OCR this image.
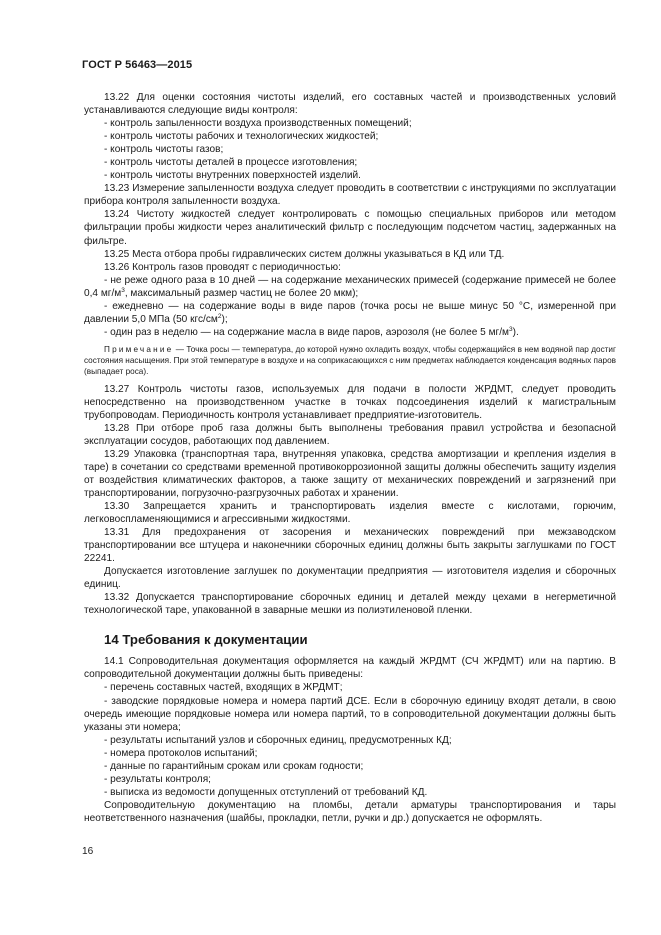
ГОСТ Р 56463—2015

13.22 Для оценки состояния чистоты изделий, его составных частей и производственных условий устанавливаются следующие виды контроля:

- контроль запыленности воздуха производственных помещений;

- контроль чистоты рабочих и технологических жидкостей;

- контроль чистоты газов;

- контроль чистоты деталей в процессе изготовления;

- контроль чистоты внутренних поверхностей изделий.

13.23 Измерение запыленности воздуха следует проводить в соответствии с инструкциями по эксплуатации прибора контроля запыленности воздуха.

13.24 Чистоту жидкостей следует контролировать с помощью специальных приборов или методом фильтрации пробы жидкости через аналитический фильтр с последующим подсчетом частиц, задержанных на фильтре.

13.25 Места отбора пробы гидравлических систем должны указываться в КД или ТД.

13.26 Контроль газов проводят с периодичностью:

- не реже одного раза в 10 дней — на содержание механических примесей (содержание примесей не более 0,4 $мг/м^3$, максимальный размер частиц не более 20 мкм);

- ежедневно — на содержание воды в виде паров (точка росы не выше минус 50 °С, измеренной при давлении 5,0 МПа (50 кгс/$см^2$);

- один раз в неделю — на содержание масла в виде паров, аэрозоля (не более 5 $мг/м^3$).

Примечание — Точка росы — температура, до которой нужно охладить воздух, чтобы содержащийся в нем водяной пар достиг состояния насыщения. При этой температуре в воздухе и на соприкасающихся с ним предметах наблюдается конденсация водяных паров (выпадает роса).

13.27 Контроль чистоты газов, используемых для подачи в полости ЖРДМТ, следует проводить непосредственно на производственном участке в точках подсоединения изделий к магистральным трубопроводам. Периодичность контроля устанавливает предприятие-изготовитель.

13.28 При отборе проб газа должны быть выполнены требования правил устройства и безопасной эксплуатации сосудов, работающих под давлением.

13.29 Упаковка (транспортная тара, внутренняя упаковка, средства амортизации и крепления изделия в таре) в сочетании со средствами временной противокоррозионной защиты должны обеспечить защиту изделия от воздействия климатических факторов, а также защиту от механических повреждений и загрязнений при транспортировании, погрузочно-разгрузочных работах и хранении.

13.30 Запрещается хранить и транспортировать изделия вместе с кислотами, горючим, легковоспламеняющимися и агрессивными жидкостями.

13.31 Для предохранения от засорения и механических повреждений при межзаводском транспортировании все штуцера и наконечники сборочных единиц должны быть закрыты заглушками по ГОСТ 22241.

Допускается изготовление заглушек по документации предприятия — изготовителя изделия и сборочных единиц.

13.32 Допускается транспортирование сборочных единиц и деталей между цехами в негерметичной технологической таре, упакованной в заварные мешки из полиэтиленовой пленки.

14 Требования к документации

14.1 Сопроводительная документация оформляется на каждый ЖРДМТ (СЧ ЖРДМТ) или на партию. В сопроводительной документации должны быть приведены:

- перечень составных частей, входящих в ЖРДМТ;

- заводские порядковые номера и номера партий ДСЕ. Если в сборочную единицу входят детали, в свою очередь имеющие порядковые номера или номера партий, то в сопроводительной документации должны быть указаны эти номера;

- результаты испытаний узлов и сборочных единиц, предусмотренных КД;

- номера протоколов испытаний;

- данные по гарантийным срокам или срокам годности;

- результаты контроля;

- выписка из ведомости допущенных отступлений от требований КД.

Сопроводительную документацию на пломбы, детали арматуры транспортирования и тары неответственного назначения (шайбы, прокладки, петли, ручки и др.) допускается не оформлять.

16
